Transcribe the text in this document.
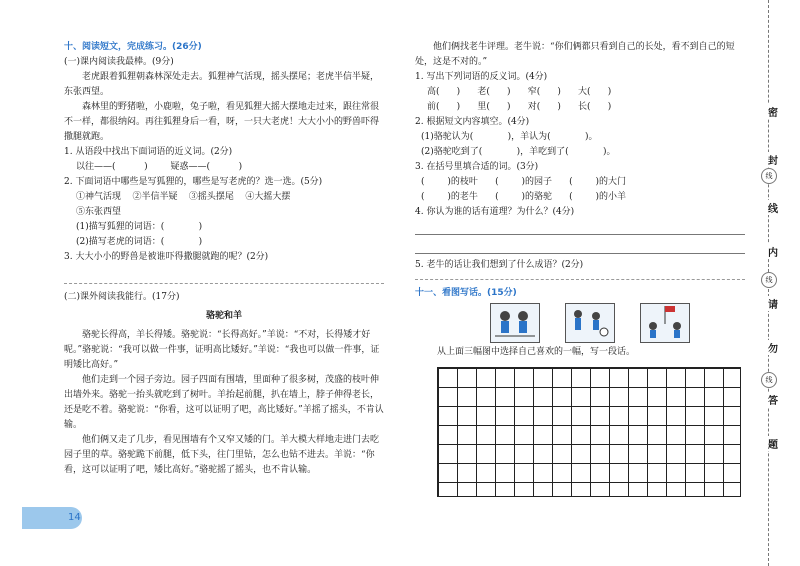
十、阅读短文，完成练习。(26分)
(一)课内阅读我最棒。(9分)

老虎跟着狐狸朝森林深处走去。狐狸神气活现，摇头摆尾；老虎半信半疑，东张西望。

森林里的野猪啦，小鹿啦，兔子啦，看见狐狸大摇大摆地走过来，跟往常很不一样，都很纳闷。再往狐狸身后一看，呀，一只大老虎！大大小小的野兽吓得撒腿就跑。

1. 从语段中找出下面词语的近义词。(2分)
以往——(          )        疑惑——(          )
2. 下面词语中哪些是写狐狸的，哪些是写老虎的？选一选。(5分)
①神气活现    ②半信半疑    ③摇头摆尾    ④大摇大摆
⑤东张西望
(1)描写狐狸的词语：(            )
(2)描写老虎的词语：(            )
3. 大大小小的野兽是被谁吓得撒腿就跑的呢？(2分)
(二)课外阅读我能行。(17分)
骆驼和羊

骆驼长得高，羊长得矮。骆驼说：“长得高好。”羊说：“不对，长得矮才好呢。”骆驼说：“我可以做一件事，证明高比矮好。”羊说：“我也可以做一件事，证明矮比高好。”

他们走到一个园子旁边。园子四面有围墙，里面种了很多树，茂盛的枝叶伸出墙外来。骆驼一抬头就吃到了树叶。羊抬起前腿，扒在墙上，脖子伸得老长，还是吃不着。骆驼说：“你看，这可以证明了吧，高比矮好。”羊摇了摇头，不肯认输。

他们俩又走了几步，看见围墙有个又窄又矮的门。羊大模大样地走进门去吃园子里的草。骆驼跪下前腿，低下头，往门里钻，怎么也钻不进去。羊说：“你看，这可以证明了吧，矮比高好。”骆驼摇了摇头，也不肯认输。

他们俩找老牛评理。老牛说：“你们俩都只看到自己的长处，看不到自己的短处，这是不对的。”

1. 写出下列词语的反义词。(4分)
高(      )      老(      )      窄(      )      大(      )
前(      )      里(      )      对(      )      长(      )
2. 根据短文内容填空。(4分)
(1)骆驼认为(            )，羊认为(            )。
(2)骆驼吃到了(            )，羊吃到了(            )。
3. 在括号里填合适的词。(3分)
(        )的枝叶      (        )的园子      (        )的大门
(        )的老牛      (        )的骆驼      (        )的小羊
4. 你认为谁的话有道理？为什么？(4分)
5. 老牛的话让我们想到了什么成语？(2分)
十一、看图写话。(15分)
从上面三幅图中选择自己喜欢的一幅，写一段话。
密
线
封
线
内
线
请
勿
线
答
题
14
